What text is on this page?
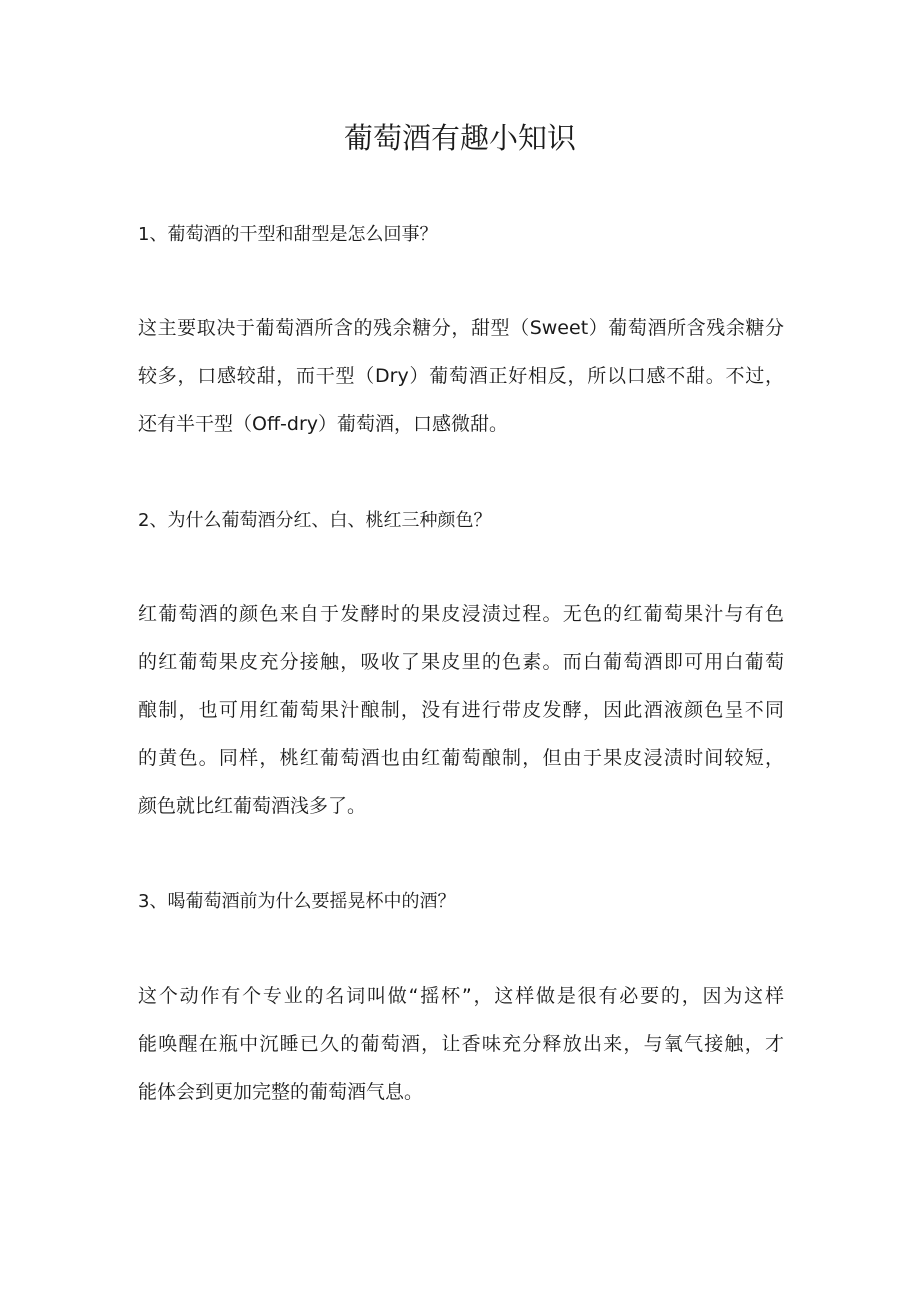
葡萄酒有趣小知识
1、葡萄酒的干型和甜型是怎么回事？
这主要取决于葡萄酒所含的残余糖分，甜型（Sweet）葡萄酒所含残余糖分
较多，口感较甜，而干型（Dry）葡萄酒正好相反，所以口感不甜。不过，
还有半干型（Off-dry）葡萄酒，口感微甜。
2、为什么葡萄酒分红、白、桃红三种颜色？
红葡萄酒的颜色来自于发酵时的果皮浸渍过程。无色的红葡萄果汁与有色
的红葡萄果皮充分接触，吸收了果皮里的色素。而白葡萄酒即可用白葡萄
酿制，也可用红葡萄果汁酿制，没有进行带皮发酵，因此酒液颜色呈不同
的黄色。同样，桃红葡萄酒也由红葡萄酿制，但由于果皮浸渍时间较短，
颜色就比红葡萄酒浅多了。
3、喝葡萄酒前为什么要摇晃杯中的酒？
这个动作有个专业的名词叫做“摇杯”，这样做是很有必要的，因为这样
能唤醒在瓶中沉睡已久的葡萄酒，让香味充分释放出来，与氧气接触，才
能体会到更加完整的葡萄酒气息。
